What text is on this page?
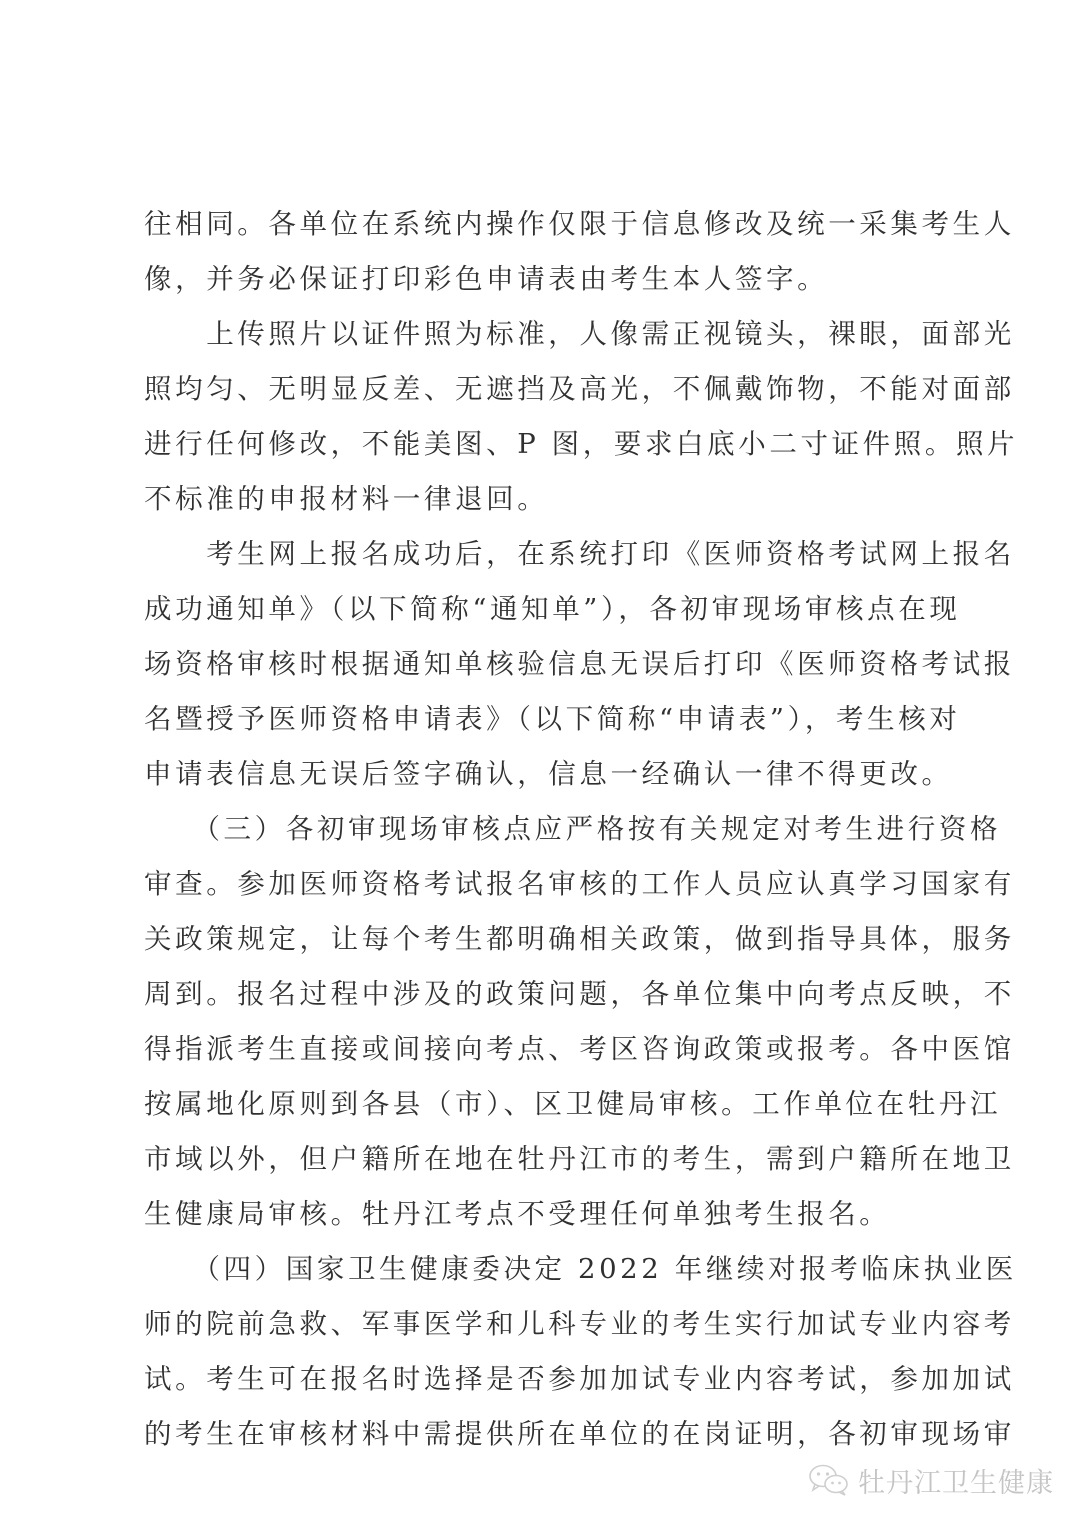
往相同。各单位在系统内操作仅限于信息修改及统一采集考生人
像，并务必保证打印彩色申请表由考生本人签字。
　　上传照片以证件照为标准，人像需正视镜头，裸眼，面部光
照均匀、无明显反差、无遮挡及高光，不佩戴饰物，不能对面部
进行任何修改，不能美图、P 图，要求白底小二寸证件照。照片
不标准的申报材料一律退回。
　　考生网上报名成功后，在系统打印《医师资格考试网上报名
成功通知单》（以下简称“通知单”），各初审现场审核点在现
场资格审核时根据通知单核验信息无误后打印《医师资格考试报
名暨授予医师资格申请表》（以下简称“申请表”），考生核对
申请表信息无误后签字确认，信息一经确认一律不得更改。
　　（三）各初审现场审核点应严格按有关规定对考生进行资格
审查。参加医师资格考试报名审核的工作人员应认真学习国家有
关政策规定，让每个考生都明确相关政策，做到指导具体，服务
周到。报名过程中涉及的政策问题，各单位集中向考点反映，不
得指派考生直接或间接向考点、考区咨询政策或报考。各中医馆
按属地化原则到各县（市）、区卫健局审核。工作单位在牡丹江
市域以外，但户籍所在地在牡丹江市的考生，需到户籍所在地卫
生健康局审核。牡丹江考点不受理任何单独考生报名。
　　（四）国家卫生健康委决定 2022 年继续对报考临床执业医
师的院前急救、军事医学和儿科专业的考生实行加试专业内容考
试。考生可在报名时选择是否参加加试专业内容考试，参加加试
的考生在审核材料中需提供所在单位的在岗证明，各初审现场审
牡丹江卫生健康
